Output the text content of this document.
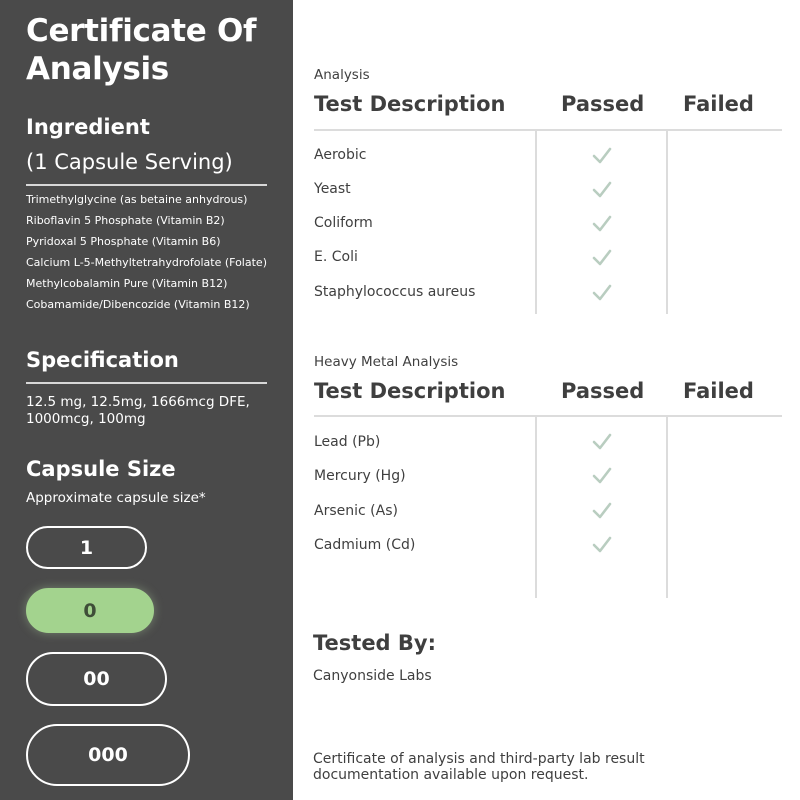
Certificate Of Analysis
Ingredient
(1 Capsule Serving)
Trimethylglycine (as betaine anhydrous)
Riboflavin 5 Phosphate (Vitamin B2)
Pyridoxal 5 Phosphate (Vitamin B6)
Calcium L-5-Methyltetrahydrofolate (Folate)
Methylcobalamin Pure (Vitamin B12)
Cobamamide/Dibencozide (Vitamin B12)
Specification
12.5 mg, 12.5mg, 1666mcg DFE, 1000mcg, 100mg
Capsule Size
Approximate capsule size*
1
0
00
000
Analysis
Test Description	Passed Failed
Aerobic
Yeast
Coliform
E. Coli
Staphylococcus aureus
Heavy Metal Analysis
Test Description	Passed Failed
Lead (Pb)
Mercury (Hg)
Arsenic (As)
Cadmium (Cd)
Tested By:
Canyonside Labs
Certificate of analysis and third-party lab result documentation available upon request.
